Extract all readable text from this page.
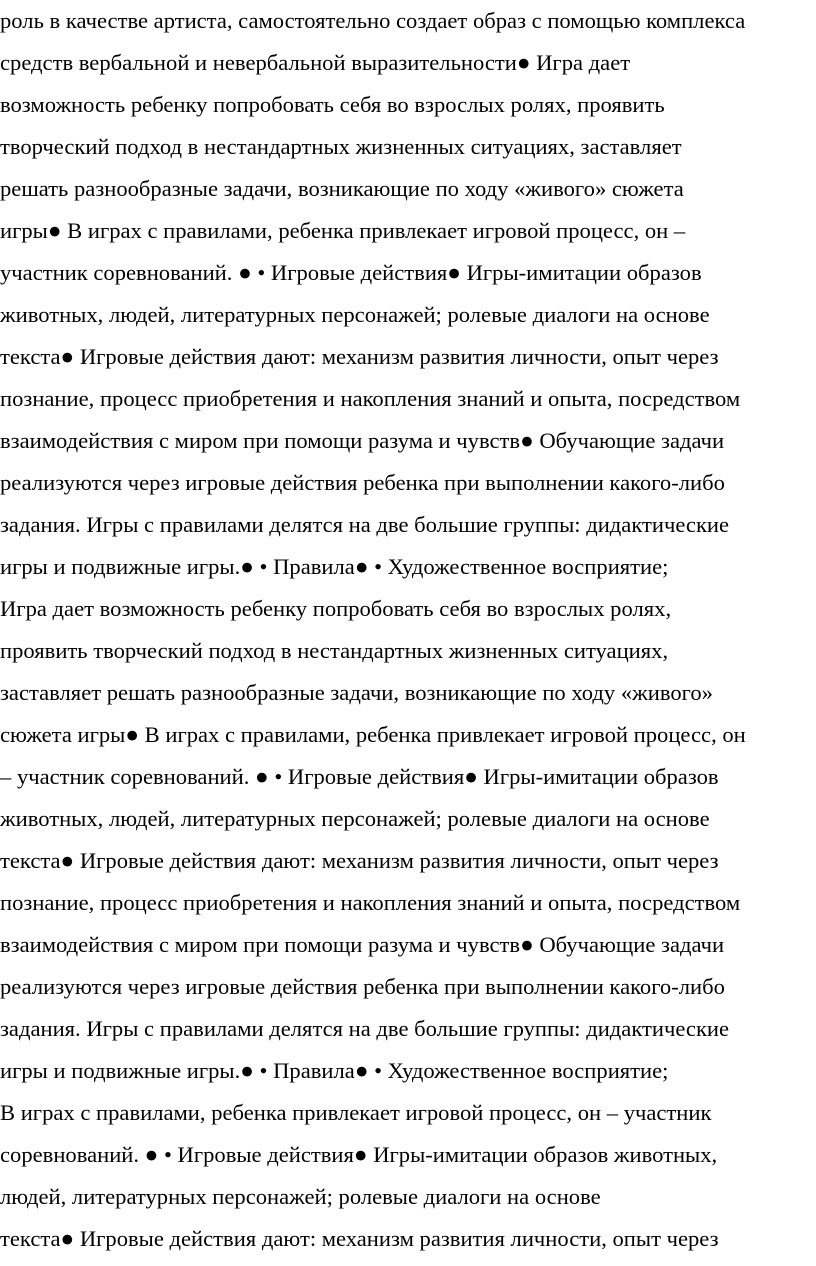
роль в качестве артиста, самостоятельно создает образ с помощью комплекса
средств вербальной и невербальной выразительности● Игра дает
возможность ребенку попробовать себя во взрослых ролях, проявить
творческий подход в нестандартных жизненных ситуациях, заставляет
решать разнообразные задачи, возникающие по ходу «живого» сюжета
игры● В играх с правилами, ребенка привлекает игровой процесс, он –
участник соревнований. ● • Игровые действия● Игры-имитации образов
животных, людей, литературных персонажей; ролевые диалоги на основе
текста● Игровые действия дают: механизм развития личности, опыт через
познание, процесс приобретения и накопления знаний и опыта, посредством
взаимодействия с миром при помощи разума и чувств● Обучающие задачи
реализуются через игровые действия ребенка при выполнении какого-либо
задания. Игры с правилами делятся на две большие группы: дидактические
игры и подвижные игры.● • Правила● • Художественное восприятие;
Игра дает возможность ребенку попробовать себя во взрослых ролях,
проявить творческий подход в нестандартных жизненных ситуациях,
заставляет решать разнообразные задачи, возникающие по ходу «живого»
сюжета игры● В играх с правилами, ребенка привлекает игровой процесс, он
– участник соревнований. ● • Игровые действия● Игры-имитации образов
животных, людей, литературных персонажей; ролевые диалоги на основе
текста● Игровые действия дают: механизм развития личности, опыт через
познание, процесс приобретения и накопления знаний и опыта, посредством
взаимодействия с миром при помощи разума и чувств● Обучающие задачи
реализуются через игровые действия ребенка при выполнении какого-либо
задания. Игры с правилами делятся на две большие группы: дидактические
игры и подвижные игры.● • Правила● • Художественное восприятие;
В играх с правилами, ребенка привлекает игровой процесс, он – участник
соревнований. ● • Игровые действия● Игры-имитации образов животных,
людей, литературных персонажей; ролевые диалоги на основе
текста● Игровые действия дают: механизм развития личности, опыт через
